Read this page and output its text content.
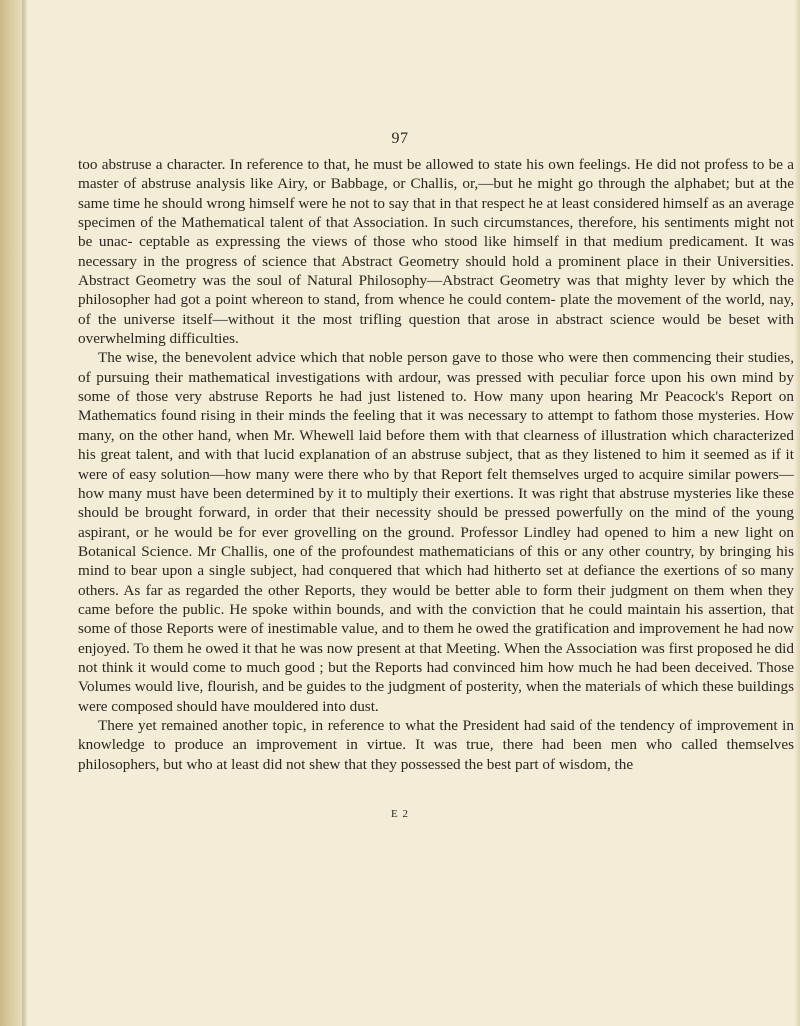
97

too abstruse a character. In reference to that, he must be allowed to state his own feelings. He did not profess to be a master of abstruse analysis like Airy, or Babbage, or Challis, or,—but he might go through the alphabet; but at the same time he should wrong himself were he not to say that in that respect he at least considered himself as an average specimen of the Mathematical talent of that Association. In such circumstances, therefore, his sentiments might not be unac- ceptable as expressing the views of those who stood like himself in that medium predicament. It was necessary in the progress of science that Abstract Geometry should hold a prominent place in their Universities. Abstract Geometry was the soul of Natural Philosophy—Abstract Geometry was that mighty lever by which the philosopher had got a point whereon to stand, from whence he could contem- plate the movement of the world, nay, of the universe itself—without it the most trifling question that arose in abstract science would be beset with overwhelming difficulties.

The wise, the benevolent advice which that noble person gave to those who were then commencing their studies, of pursuing their mathematical investigations with ardour, was pressed with peculiar force upon his own mind by some of those very abstruse Reports he had just listened to. How many upon hearing Mr Peacock's Report on Mathematics found rising in their minds the feeling that it was necessary to attempt to fathom those mysteries. How many, on the other hand, when Mr. Whewell laid before them with that clearness of illustration which characterized his great talent, and with that lucid explanation of an abstruse subject, that as they listened to him it seemed as if it were of easy solution—how many were there who by that Report felt themselves urged to acquire similar powers—how many must have been determined by it to multiply their exertions. It was right that abstruse mysteries like these should be brought forward, in order that their necessity should be pressed powerfully on the mind of the young aspirant, or he would be for ever grovelling on the ground. Professor Lindley had opened to him a new light on Botanical Science. Mr Challis, one of the profoundest mathematicians of this or any other country, by bringing his mind to bear upon a single subject, had conquered that which had hitherto set at defiance the exertions of so many others. As far as regarded the other Reports, they would be better able to form their judgment on them when they came before the public. He spoke within bounds, and with the conviction that he could maintain his assertion, that some of those Reports were of inestimable value, and to them he owed the gratification and improvement he had now enjoyed. To them he owed it that he was now present at that Meeting. When the Association was first proposed he did not think it would come to much good ; but the Reports had convinced him how much he had been deceived. Those Volumes would live, flourish, and be guides to the judgment of posterity, when the materials of which these buildings were composed should have mouldered into dust.

There yet remained another topic, in reference to what the President had said of the tendency of improvement in knowledge to produce an improvement in virtue. It was true, there had been men who called themselves philosophers, but who at least did not shew that they possessed the best part of wisdom, the

E 2
